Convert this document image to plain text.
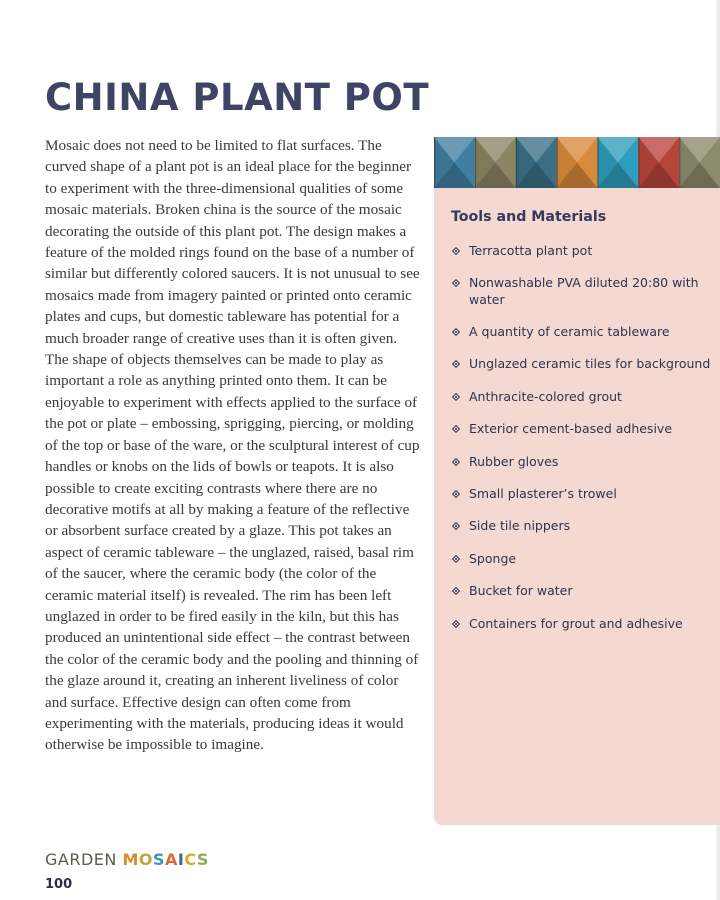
CHINA PLANT POT

Mosaic does not need to be limited to flat surfaces. The curved shape of a plant pot is an ideal place for the beginner to experiment with the three-dimensional qualities of some mosaic materials. Broken china is the source of the mosaic decorating the outside of this plant pot. The design makes a feature of the molded rings found on the base of a number of similar but differently colored saucers. It is not unusual to see mosaics made from imagery painted or printed onto ceramic plates and cups, but domestic tableware has potential for a much broader range of creative uses than it is often given. The shape of objects themselves can be made to play as important a role as anything printed onto them. It can be enjoyable to experiment with effects applied to the surface of the pot or plate – embossing, sprigging, piercing, or molding of the top or base of the ware, or the sculptural interest of cup handles or knobs on the lids of bowls or teapots. It is also possible to create exciting contrasts where there are no decorative motifs at all by making a feature of the reflective or absorbent surface created by a glaze. This pot takes an aspect of ceramic tableware – the unglazed, raised, basal rim of the saucer, where the ceramic body (the color of the ceramic material itself) is revealed. The rim has been left unglazed in order to be fired easily in the kiln, but this has produced an unintentional side effect – the contrast between the color of the ceramic body and the pooling and thinning of the glaze around it, creating an inherent liveliness of color and surface. Effective design can often come from experimenting with the materials, producing ideas it would otherwise be impossible to imagine.

Tools and Materials
Terracotta plant pot
Nonwashable PVA diluted 20:80 with water
A quantity of ceramic tableware
Unglazed ceramic tiles for background
Anthracite-colored grout
Exterior cement-based adhesive
Rubber gloves
Small plasterer’s trowel
Side tile nippers
Sponge
Bucket for water
Containers for grout and adhesive

GARDEN MOSAICS

100
